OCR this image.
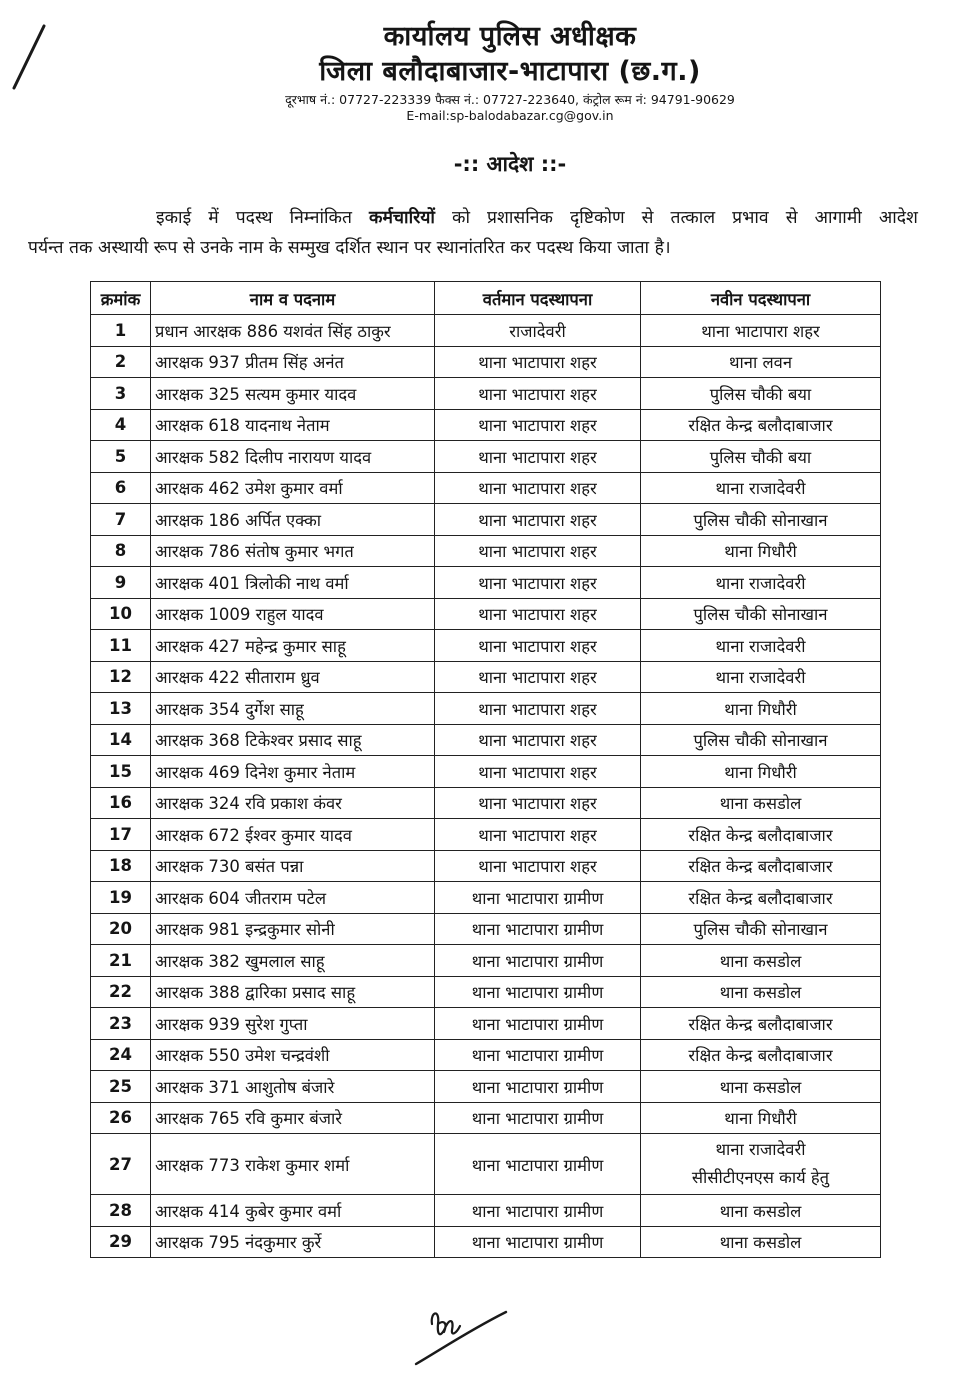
कार्यालय पुलिस अधीक्षक
जिला बलौदाबाजार-भाटापारा (छ.ग.)
दूरभाष नं.: 07727-223339 फैक्स नं.: 07727-223640, कंट्रोल रूम नं: 94791-90629
E-mail:sp-balodabazar.cg@gov.in
-:: आदेश ::-
इकाई में पदस्थ निम्नांकित कर्मचारियों को प्रशासनिक दृष्टिकोण से तत्काल प्रभाव से आगामी आदेश
पर्यन्त तक अस्थायी रूप से उनके नाम के सम्मुख दर्शित स्थान पर स्थानांतरित कर पदस्थ किया जाता है।
क्रमांक	नाम व पदनाम	वर्तमान पदस्थापना	नवीन पदस्थापना
1	प्रधान आरक्षक 886 यशवंत सिंह ठाकुर	राजादेवरी	थाना भाटापारा शहर
2	आरक्षक 937 प्रीतम सिंह अनंत	थाना भाटापारा शहर	थाना लवन
3	आरक्षक 325 सत्यम कुमार यादव	थाना भाटापारा शहर	पुलिस चौकी बया
4	आरक्षक 618 यादनाथ नेताम	थाना भाटापारा शहर	रक्षित केन्द्र बलौदाबाजार
5	आरक्षक 582 दिलीप नारायण यादव	थाना भाटापारा शहर	पुलिस चौकी बया
6	आरक्षक 462 उमेश कुमार वर्मा	थाना भाटापारा शहर	थाना राजादेवरी
7	आरक्षक 186 अर्पित एक्का	थाना भाटापारा शहर	पुलिस चौकी सोनाखान
8	आरक्षक 786 संतोष कुमार भगत	थाना भाटापारा शहर	थाना गिधौरी
9	आरक्षक 401 त्रिलोकी नाथ वर्मा	थाना भाटापारा शहर	थाना राजादेवरी
10	आरक्षक 1009 राहुल यादव	थाना भाटापारा शहर	पुलिस चौकी सोनाखान
11	आरक्षक 427 महेन्द्र कुमार साहू	थाना भाटापारा शहर	थाना राजादेवरी
12	आरक्षक 422 सीताराम ध्रुव	थाना भाटापारा शहर	थाना राजादेवरी
13	आरक्षक 354 दुर्गेश साहू	थाना भाटापारा शहर	थाना गिधौरी
14	आरक्षक 368 टिकेश्वर प्रसाद साहू	थाना भाटापारा शहर	पुलिस चौकी सोनाखान
15	आरक्षक 469 दिनेश कुमार नेताम	थाना भाटापारा शहर	थाना गिधौरी
16	आरक्षक 324 रवि प्रकाश कंवर	थाना भाटापारा शहर	थाना कसडोल
17	आरक्षक 672 ईश्वर कुमार यादव	थाना भाटापारा शहर	रक्षित केन्द्र बलौदाबाजार
18	आरक्षक 730 बसंत पन्ना	थाना भाटापारा शहर	रक्षित केन्द्र बलौदाबाजार
19	आरक्षक 604 जीतराम पटेल	थाना भाटापारा ग्रामीण	रक्षित केन्द्र बलौदाबाजार
20	आरक्षक 981 इन्द्रकुमार सोनी	थाना भाटापारा ग्रामीण	पुलिस चौकी सोनाखान
21	आरक्षक 382 खुमलाल साहू	थाना भाटापारा ग्रामीण	थाना कसडोल
22	आरक्षक 388 द्वारिका प्रसाद साहू	थाना भाटापारा ग्रामीण	थाना कसडोल
23	आरक्षक 939 सुरेश गुप्ता	थाना भाटापारा ग्रामीण	रक्षित केन्द्र बलौदाबाजार
24	आरक्षक 550 उमेश चन्द्रवंशी	थाना भाटापारा ग्रामीण	रक्षित केन्द्र बलौदाबाजार
25	आरक्षक 371 आशुतोष बंजारे	थाना भाटापारा ग्रामीण	थाना कसडोल
26	आरक्षक 765 रवि कुमार बंजारे	थाना भाटापारा ग्रामीण	थाना गिधौरी
27	आरक्षक 773 राकेश कुमार शर्मा	थाना भाटापारा ग्रामीण	थाना राजादेवरी
सीसीटीएनएस कार्य हेतु

28	आरक्षक 414 कुबेर कुमार वर्मा	थाना भाटापारा ग्रामीण	थाना कसडोल
29	आरक्षक 795 नंदकुमार कुर्रे	थाना भाटापारा ग्रामीण	थाना कसडोल
